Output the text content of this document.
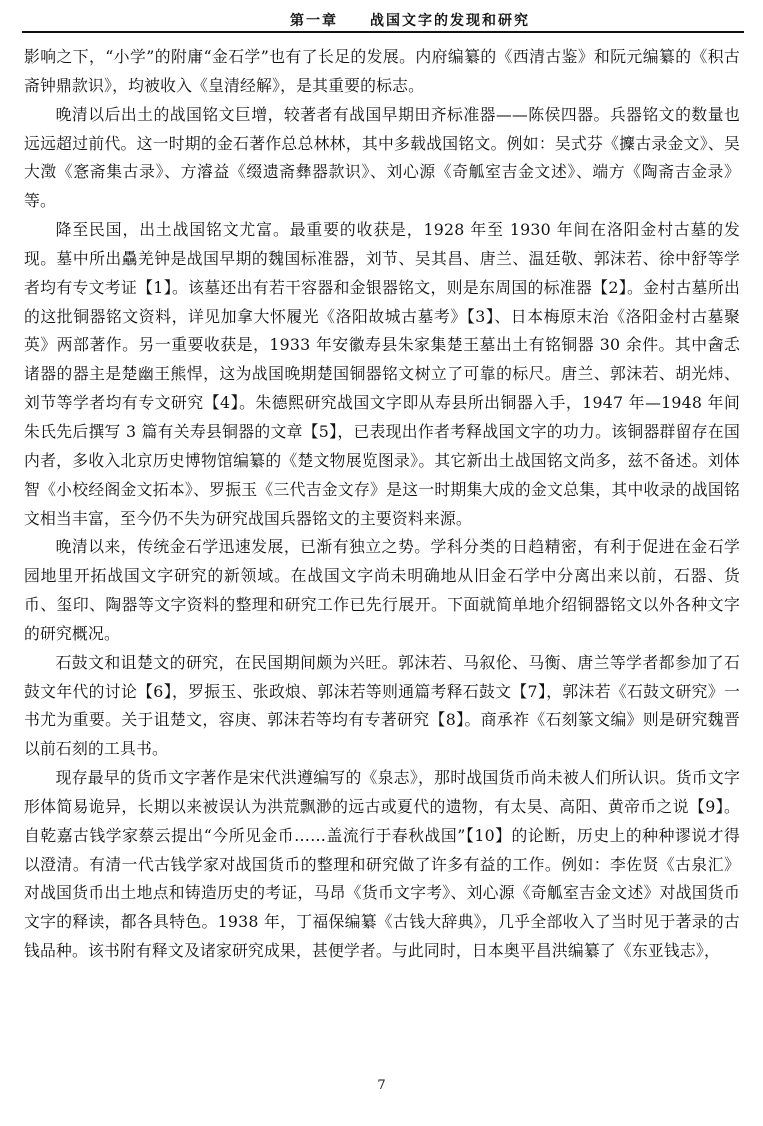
第一章 战国文字的发现和研究

影响之下，“小学”的附庸“金石学”也有了长足的发展。内府编纂的《西清古鉴》和阮元编纂的《积古斋钟鼎款识》，均被收入《皇清经解》，是其重要的标志。

晚清以后出土的战国铭文巨增，较著者有战国早期田齐标准器——陈侯四器。兵器铭文的数量也远远超过前代。这一时期的金石著作总总林林，其中多载战国铭文。例如：吴式芬《攈古录金文》、吴大澂《愙斋集古录》、方濬益《缀遗斋彝器款识》、刘心源《奇觚室吉金文述》、端方《陶斋吉金录》等。

降至民国，出土战国铭文尤富。最重要的收获是，1928 年至 1930 年间在洛阳金村古墓的发现。墓中所出驫羌钟是战国早期的魏国标准器，刘节、吴其昌、唐兰、温廷敬、郭沫若、徐中舒等学者均有专文考证【1】。该墓还出有若干容器和金银器铭文，则是东周国的标准器【2】。金村古墓所出的这批铜器铭文资料，详见加拿大怀履光《洛阳故城古墓考》【3】、日本梅原末治《洛阳金村古墓聚英》两部著作。另一重要收获是，1933 年安徽寿县朱家集楚王墓出土有铭铜器 30 余件。其中酓忎诸器的器主是楚幽王熊悍，这为战国晚期楚国铜器铭文树立了可靠的标尺。唐兰、郭沫若、胡光炜、刘节等学者均有专文研究【4】。朱德熙研究战国文字即从寿县所出铜器入手，1947 年—1948 年间朱氏先后撰写 3 篇有关寿县铜器的文章【5】，已表现出作者考释战国文字的功力。该铜器群留存在国内者，多收入北京历史博物馆编纂的《楚文物展览图录》。其它新出土战国铭文尚多，兹不备述。刘体智《小校经阁金文拓本》、罗振玉《三代吉金文存》是这一时期集大成的金文总集，其中收录的战国铭文相当丰富，至今仍不失为研究战国兵器铭文的主要资料来源。

晚清以来，传统金石学迅速发展，已渐有独立之势。学科分类的日趋精密，有利于促进在金石学园地里开拓战国文字研究的新领域。在战国文字尚未明确地从旧金石学中分离出来以前，石器、货币、玺印、陶器等文字资料的整理和研究工作已先行展开。下面就简单地介绍铜器铭文以外各种文字的研究概况。

石鼓文和诅楚文的研究，在民国期间颇为兴旺。郭沫若、马叙伦、马衡、唐兰等学者都参加了石鼓文年代的讨论【6】，罗振玉、张政烺、郭沫若等则通篇考释石鼓文【7】，郭沫若《石鼓文研究》一书尤为重要。关于诅楚文，容庚、郭沫若等均有专著研究【8】。商承祚《石刻篆文编》则是研究魏晋以前石刻的工具书。

现存最早的货币文字著作是宋代洪遵编写的《泉志》，那时战国货币尚未被人们所认识。货币文字形体简易诡异，长期以来被误认为洪荒飘渺的远古或夏代的遗物，有太昊、高阳、黄帝币之说【9】。自乾嘉古钱学家蔡云提出“今所见金币……盖流行于春秋战国”【10】的论断，历史上的种种谬说才得以澄清。有清一代古钱学家对战国货币的整理和研究做了许多有益的工作。例如：李佐贤《古泉汇》对战国货币出土地点和铸造历史的考证，马昂《货币文字考》、刘心源《奇觚室吉金文述》对战国货币文字的释读，都各具特色。1938 年，丁福保编纂《古钱大辞典》，几乎全部收入了当时见于著录的古钱品种。该书附有释文及诸家研究成果，甚便学者。与此同时，日本奥平昌洪编纂了《东亚钱志》，

7
